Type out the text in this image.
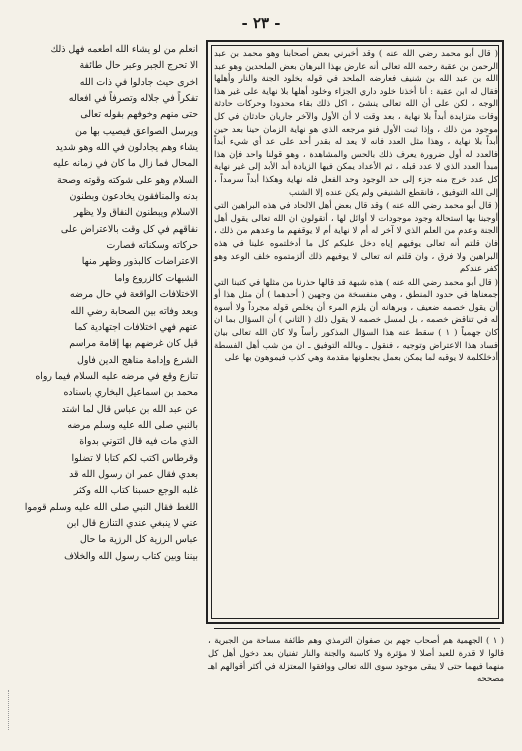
- ٢٣ -

( قال أبو محمد رضي الله عنه ) وقد أخبرني بعض أصحابنا وهو محمد بن عبد الرحمن بن عقبة رحمه الله تعالى أنه عارض بهذا البرهان بعض الملحدين وهو عبد الله بن عبد الله بن شنيف فعارضه الملحد في قوله بخلود الجنة والنار وأهلها فقال له ابن عقبة : أنا أخذنا خلود داري الجزاء وخلود أهلها بلا نهاية على غير هذا الوجه ، لكن على أن الله تعالى ينشئ ، اكل ذلك بقاء محدودا وحركات حادثة وقات متزايدة أبداً بلا نهاية ، بعد وقت لا أن الأول والآخر جاريان حادثان في كل موجود من ذلك ، وإذا ثبت الأول فنو مرجعه الذي هو نهاية الزمان حينا بعد حين أبداً بلا نهاية ، وهذا مثل العدد فانه لا يعد له بقدر أحد على عد أي شيء أبداً فالعدد له أول ضرورة يعرف ذلك بالحس والمشاهدة ، وهو قولنا واحد فإن هذا مبدأ العدد الذي لا عدد قبله ، ثم الأعداد يمكن فيها الزيادة أبد الأبد إلى غير نهاية كل عدد خرج منه جزء إلى حد الوجود وحد الفعل فله نهاية وهكذا أبداً سرمداً ، إلى الله التوفيق ، فانقطع الشنيفي ولم يكن عنده إلا الشنب

( قال أبو محمد رضي الله عنه ) وقد قال بعض أهل الالحاد في هذه البراهين التي أوجبنا بها استحالة وجود موجودات لا أوائل لها ، أتقولون ان الله تعالى يقول أهل الجنة وعدم من العلم الذي لا آخر له أم لا نهاية أم لا يوقفهم ما وعدهم من ذلك ، فان قلتم أنه تعالى يوفيهم إياه دخل عليكم كل ما أدخلتموه علينا في هذه البراهين ولا فرق ، وان قلتم انه تعالى لا يوفيهم ذلك ألزمتموه خلف الوعد وهو كفر عندكم

( قال أبو محمد رضي الله عنه ) هذه شبهة قد قالها حذرنا من مثلها في كتبنا التي جمعناها في حدود المنطق ، وهي منفسخة من وجهين ( أحدهما ) أن مثل هذا أو أن يقول خصمه ضعيف ، وبرهانه أن يلزم المرء أن يخلص قوله مجرداً ولا أسوة له في تناقض خصمه ، بل لمسل خصمه لا يقول ذلك ( الثاني ) أن السؤال بما ان كان جهمياً ( ١ ) سقط عنه هذا السؤال المذكور رأساً ولا كان الله تعالى بيان فساد هذا الاعتراض وتوجيه ، فنقول ـ وبالله التوفيق ـ ان من شب أهل الفسطة أدخلكلمة لا يوقبه لما يمكن بعمل بجعلونها مقدمة وهي كذب فيموهون بها على

( ١ ) الجهمية هم أصحاب جهم بن صفوان الترمذي وهم طائفة مساحة من الجبرية ، قالوا لا قدرة للعبد أصلا لا مؤثرة ولا كاسبة والجنة والنار تفنيان بعد دخول أهل كل منهما فيهما حتى لا يبقى موجود سوى الله تعالى ووافقوا المعتزلة في أكثر أقوالهم اهـ مصححه
انعلم من لو يشاء الله اطعمه فهل ذلك
الا تحرج الجبر وعبر حال طائفة
اخرى حيث جادلوا في ذات الله
تفكراً في جلاله وتصرفاً في افعاله
حتى منهم وخوفهم بقوله تعالى
ويرسل الصواعق فيصيب بها من
يشاء وهم يجادلون في الله وهو شديد
المحال فما زال ما كان في زمانه عليه
السلام وهو على شوكته وقوته وصحة
بدنه والمنافقون يخادعون وبطنون
الاسلام ويبطنون النفاق ولا يظهر
نفاقهم في كل وقت بالاعتراض على
حركاته وسكناته فصارت
الاعتراضات كالبذور وظهر منها
الشبهات كالزروع واما
الاختلافات الواقعة في حال مرضه
وبعد وفاته بين الصحابة رضي الله
عنهم فهي اختلافات اجتهادية كما
قيل كان غرضهم بها إقامة مراسم
الشرع وإدامة مناهج الدين فاول
تنازع وقع في مرضه عليه السلام فيما رواه
محمد بن اسماعيل البخاري باسناده
عن عبد الله بن عباس قال لما اشتد
بالنبي صلى الله عليه وسلم مرضه
الذي مات فيه قال ائتوني بدواة
وقرطاس اكتب لكم كتابا لا تضلوا
بعدي فقال عمر ان رسول الله قد
غلبه الوجع حسبنا كتاب الله وكثر
اللغط فقال النبي صلى الله عليه وسلم قوموا
عني لا ينبغي عندي التنازع قال ابن
عباس الرزية كل الرزية ما حال
بيننا وبين كتاب رسول الله والخلاف
